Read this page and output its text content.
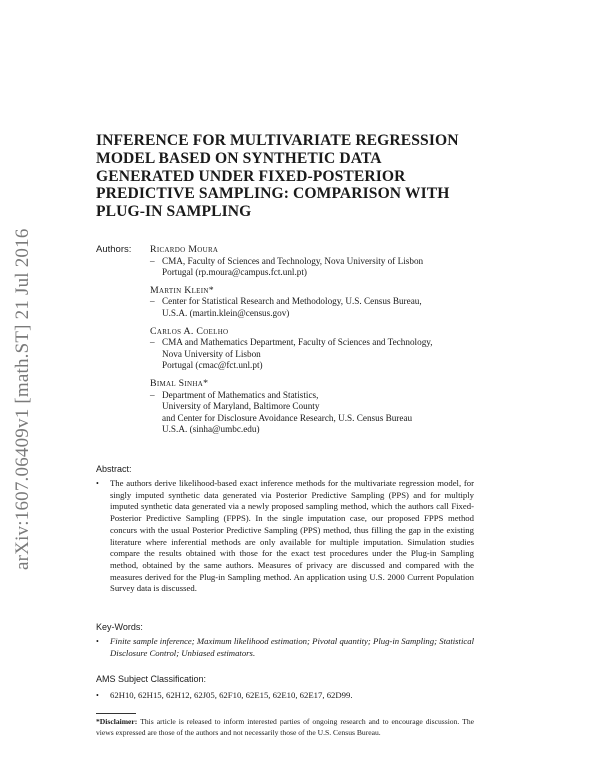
arXiv:1607.06409v1 [math.ST] 21 Jul 2016
INFERENCE FOR MULTIVARIATE REGRESSION
MODEL BASED ON SYNTHETIC DATA
GENERATED UNDER FIXED-POSTERIOR
PREDICTIVE SAMPLING: COMPARISON WITH
PLUG-IN SAMPLING
Authors: Ricardo Moura
– CMA, Faculty of Sciences and Technology, Nova University of Lisbon
Portugal (rp.moura@campus.fct.unl.pt)
Martin Klein*
– Center for Statistical Research and Methodology, U.S. Census Bureau,
U.S.A. (martin.klein@census.gov)
Carlos A. Coelho
– CMA and Mathematics Department, Faculty of Sciences and Technology,
Nova University of Lisbon
Portugal (cmac@fct.unl.pt)
Bimal Sinha*
– Department of Mathematics and Statistics,
University of Maryland, Baltimore County
and Center for Disclosure Avoidance Research, U.S. Census Bureau
U.S.A. (sinha@umbc.edu)
Abstract:
•	The authors derive likelihood-based exact inference methods for the multivariate regression model, for singly imputed synthetic data generated via Posterior Predictive Sampling (PPS) and for multiply imputed synthetic data generated via a newly proposed sampling method, which the authors call Fixed-Posterior Predictive Sampling (FPPS). In the single imputation case, our proposed FPPS method concurs with the usual Posterior Predictive Sampling (PPS) method, thus filling the gap in the existing literature where inferential methods are only available for multiple imputation. Simulation studies compare the results obtained with those for the exact test procedures under the Plug-in Sampling method, obtained by the same authors. Measures of privacy are discussed and compared with the measures derived for the Plug-in Sampling method. An application using U.S. 2000 Current Population Survey data is discussed.
Key-Words:
•	Finite sample inference; Maximum likelihood estimation; Pivotal quantity; Plug-in Sampling; Statistical Disclosure Control; Unbiased estimators.
AMS Subject Classification:
•	62H10, 62H15, 62H12, 62J05, 62F10, 62E15, 62E10, 62E17, 62D99.
*Disclaimer: This article is released to inform interested parties of ongoing research and to encourage discussion. The views expressed are those of the authors and not necessarily those of the U.S. Census Bureau.
